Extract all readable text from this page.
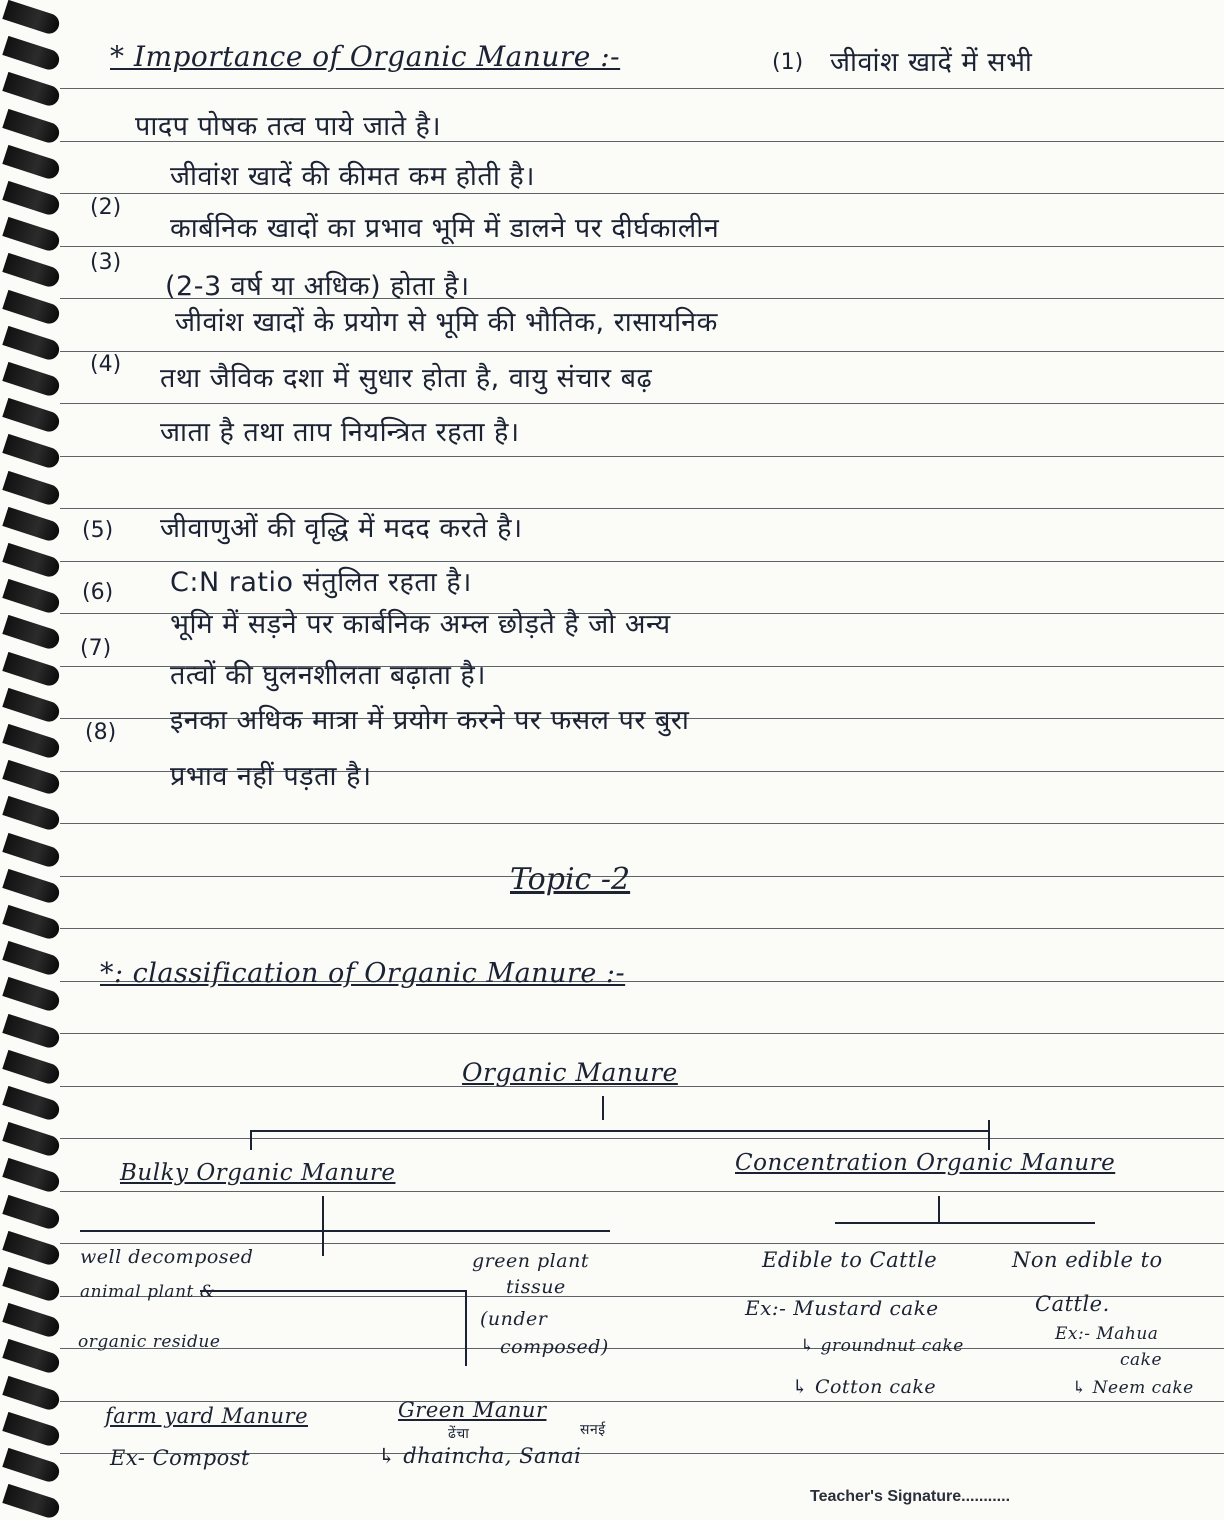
* Importance of Organic Manure :-	(1) जीवांश खादें में सभी
पादप पोषक तत्व पाये जाते है।
(2)
जीवांश खादें की कीमत कम होती है।
(3)
कार्बनिक खादों का प्रभाव भूमि में डालने पर दीर्घकालीन
(2-3 वर्ष या अधिक) होता है।
(4)
जीवांश खादों के प्रयोग से भूमि की भौतिक, रासायनिक
तथा जैविक दशा में सुधार होता है, वायु संचार बढ़
जाता है तथा ताप नियन्त्रित रहता है।
(5) जीवाणुओं की वृद्धि में मदद करते है।
(6) C:N ratio संतुलित रहता है।
(7)
भूमि में सड़ने पर कार्बनिक अम्ल छोड़ते है जो अन्य
तत्वों की घुलनशीलता बढ़ाता है।
(8) इनका अधिक मात्रा में प्रयोग करने पर फसल पर बुरा
प्रभाव नहीं पड़ता है।
Topic -2
*: classification of Organic Manure :-
Organic Manure
Bulky Organic Manure	Concentration Organic Manure
well decomposed
animal plant &
organic residue
green plant
tissue
(under
composed)
Edible to Cattle	Non edible to
Cattle.
Ex:- Mustard cake
↳ groundnut cake
↳ Cotton cake
Ex:- Mahua
cake
↳ Neem cake
farm yard Manure
Ex- Compost
Green Manur
ढेंचा	सनई
↳ dhaincha, Sanai
Teacher's Signature...........
